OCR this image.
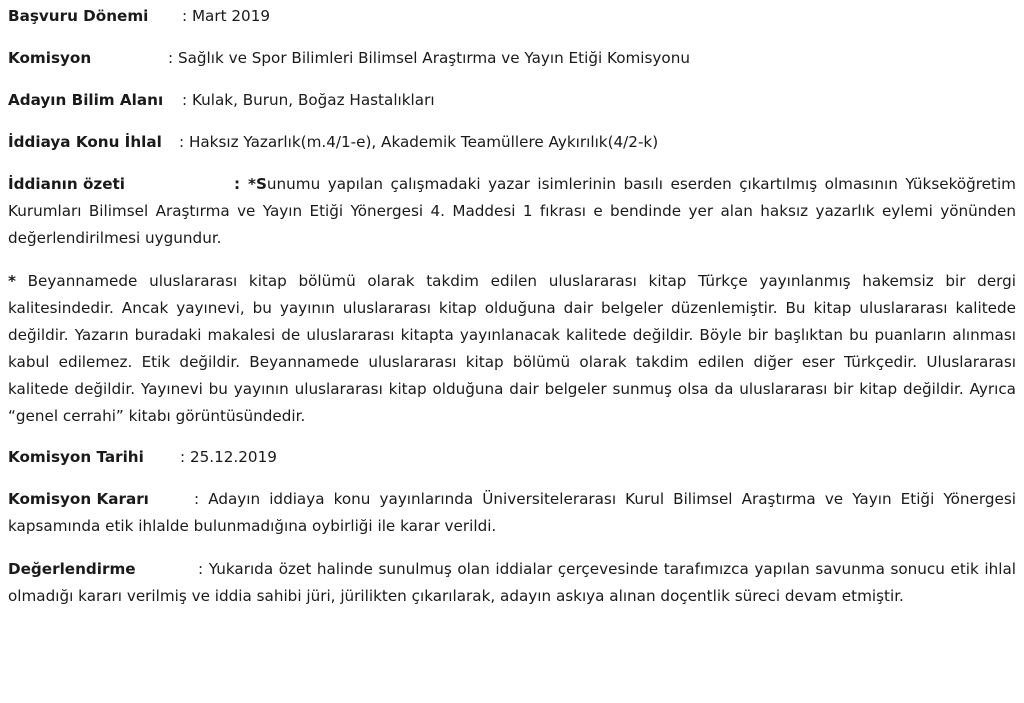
Başvuru Dönemi : Mart 2019
Komisyon	: Sağlık ve Spor Bilimleri Bilimsel Araştırma ve Yayın Etiği Komisyonu
Adayın Bilim Alanı : Kulak, Burun, Boğaz Hastalıkları
İddiaya Konu İhlal : Haksız Yazarlık(m.4/1-e), Akademik Teamüllere Aykırılık(4/2-k)
İddianın özeti	: *Sunumu yapılan çalışmadaki yazar isimlerinin basılı eserden çıkartılmış olmasının Yükseköğretim Kurumları Bilimsel Araştırma ve Yayın Etiği Yönergesi 4. Maddesi 1 fıkrası e bendinde yer alan haksız yazarlık eylemi yönünden değerlendirilmesi uygundur.
* Beyannamede uluslararası kitap bölümü olarak takdim edilen uluslararası kitap Türkçe yayınlanmış hakemsiz bir dergi kalitesindedir. Ancak yayınevi, bu yayının uluslararası kitap olduğuna dair belgeler düzenlemiştir. Bu kitap uluslararası kalitede değildir. Yazarın buradaki makalesi de uluslararası kitapta yayınlanacak kalitede değildir. Böyle bir başlıktan bu puanların alınması kabul edilemez. Etik değildir. Beyannamede uluslararası kitap bölümü olarak takdim edilen diğer eser Türkçedir. Uluslararası kalitede değildir. Yayınevi bu yayının uluslararası kitap olduğuna dair belgeler sunmuş olsa da uluslararası bir kitap değildir. Ayrıca “genel cerrahi” kitabı görüntüsündedir.
Komisyon Tarihi : 25.12.2019
Komisyon Kararı	: Adayın iddiaya konu yayınlarında Üniversitelerarası Kurul Bilimsel Araştırma ve Yayın Etiği Yönergesi kapsamında etik ihlalde bulunmadığına oybirliği ile karar verildi.
Değerlendirme	: Yukarıda özet halinde sunulmuş olan iddialar çerçevesinde tarafımızca yapılan savunma sonucu etik ihlal olmadığı kararı verilmiş ve iddia sahibi jüri, jürilikten çıkarılarak, adayın askıya alınan doçentlik süreci devam etmiştir.
